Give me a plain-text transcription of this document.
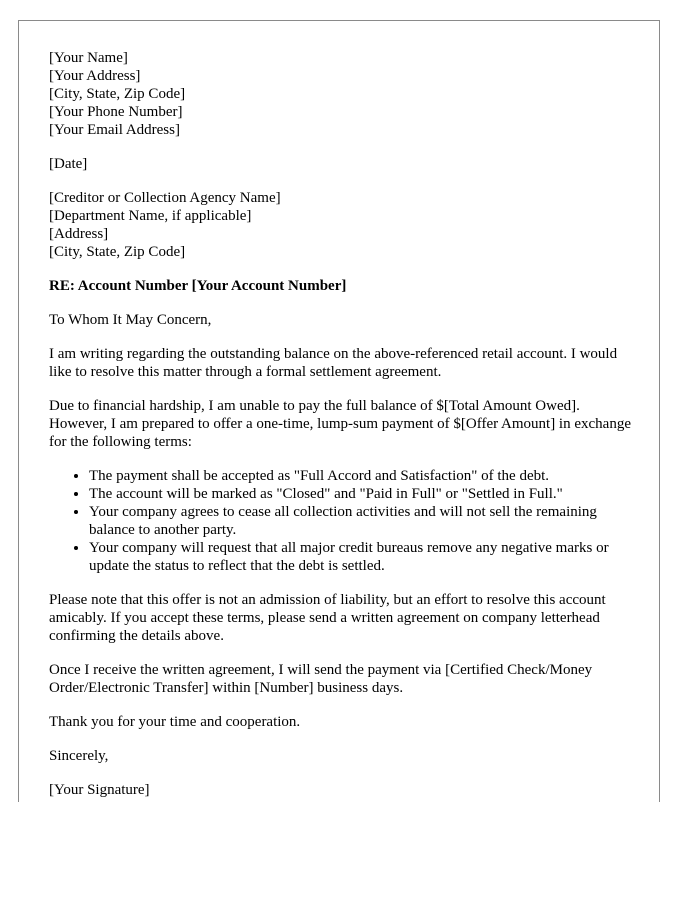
[Your Name]
[Your Address]
[City, State, Zip Code]
[Your Phone Number]
[Your Email Address]
[Date]
[Creditor or Collection Agency Name]
[Department Name, if applicable]
[Address]
[City, State, Zip Code]
RE: Account Number [Your Account Number]

To Whom It May Concern,

I am writing regarding the outstanding balance on the above-referenced retail account. I would like to resolve this matter through a formal settlement agreement.

Due to financial hardship, I am unable to pay the full balance of $[Total Amount Owed]. However, I am prepared to offer a one-time, lump-sum payment of $[Offer Amount] in exchange for the following terms:

• The payment shall be accepted as "Full Accord and Satisfaction" of the debt.
• The account will be marked as "Closed" and "Paid in Full" or "Settled in Full."
• Your company agrees to cease all collection activities and will not sell the remaining balance to another party.
• Your company will request that all major credit bureaus remove any negative marks or update the status to reflect that the debt is settled.

Please note that this offer is not an admission of liability, but an effort to resolve this account amicably. If you accept these terms, please send a written agreement on company letterhead confirming the details above.

Once I receive the written agreement, I will send the payment via [Certified Check/Money Order/Electronic Transfer] within [Number] business days.

Thank you for your time and cooperation.

Sincerely,

[Your Signature]
